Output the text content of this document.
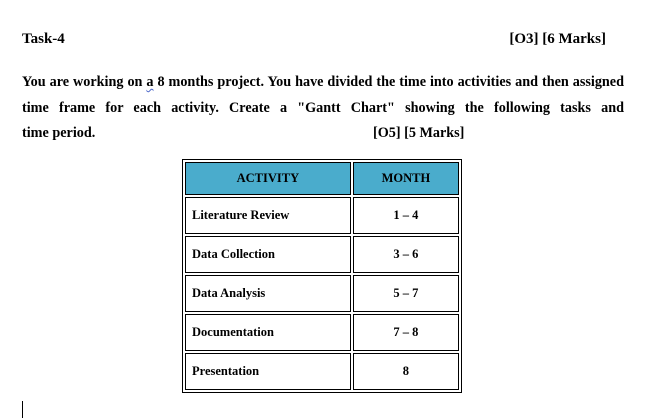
Task-4	[O3] [6 Marks]
You are working on a 8 months project. You have divided the time into activities and then assigned time frame for each activity. Create a "Gantt Chart" showing the following tasks and
time period.	[O5] [5 Marks]
ACTIVITY	MONTH
Literature Review	1 – 4
Data Collection	3 – 6
Data Analysis	5 – 7
Documentation	7 – 8
Presentation	8
